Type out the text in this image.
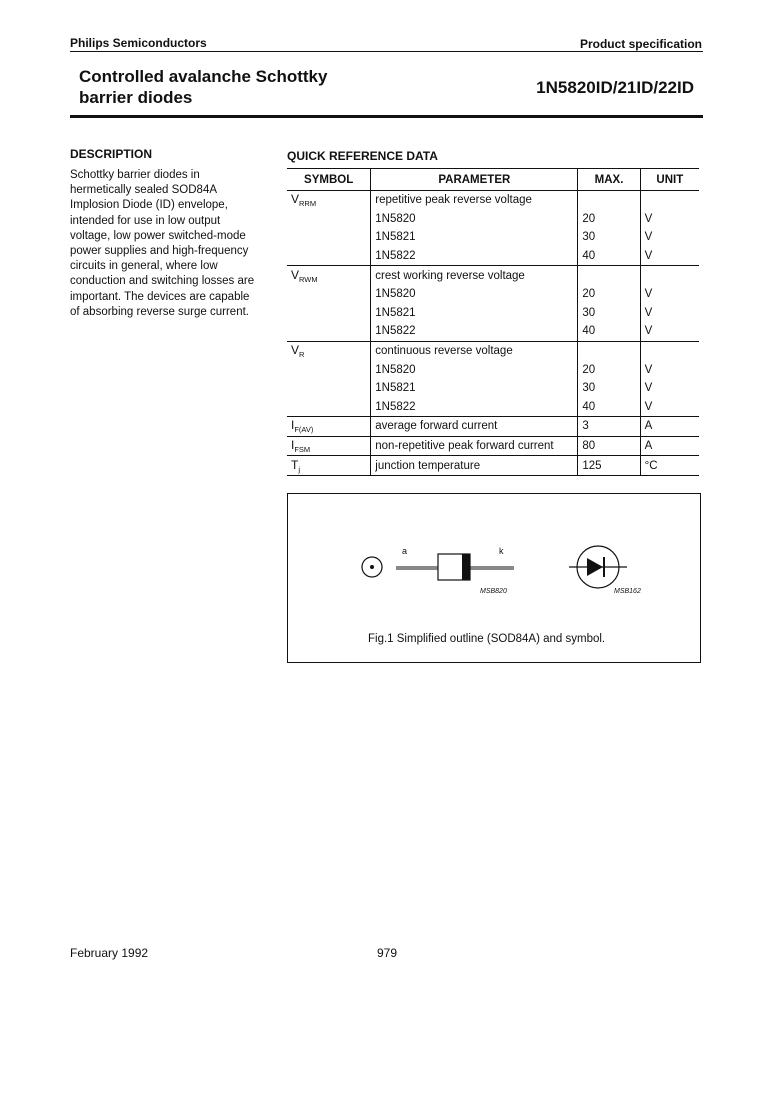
Philips Semiconductors	Product specification
Controlled avalanche Schottky
barrier diodes
1N5820ID/21ID/22ID
DESCRIPTION
Schottky barrier diodes in
hermetically sealed SOD84A
Implosion Diode (ID) envelope,
intended for use in low output
voltage, low power switched-mode
power supplies and high-frequency
circuits in general, where low
conduction and switching losses are
important. The devices are capable
of absorbing reverse surge current.
QUICK REFERENCE DATA
SYMBOL	PARAMETER	MAX.	UNIT
$V_{RRM}$	repetitive peak reverse voltage		
	1N5820	20	V
	1N5821	30	V
	1N5822	40	V
$V_{RWM}$	crest working reverse voltage		
	1N5820	20	V
	1N5821	30	V
	1N5822	40	V
$V_R$	continuous reverse voltage		
	1N5820	20	V
	1N5821	30	V
	1N5822	40	V
$I_{F(AV)}$	average forward current	3	A
$I_{FSM}$	non-repetitive peak forward current	80	A
$T_j$	junction temperature	125	°C
a	k
MSB820	MSB162
Fig.1 Simplified outline (SOD84A) and symbol.
February 1992	979
